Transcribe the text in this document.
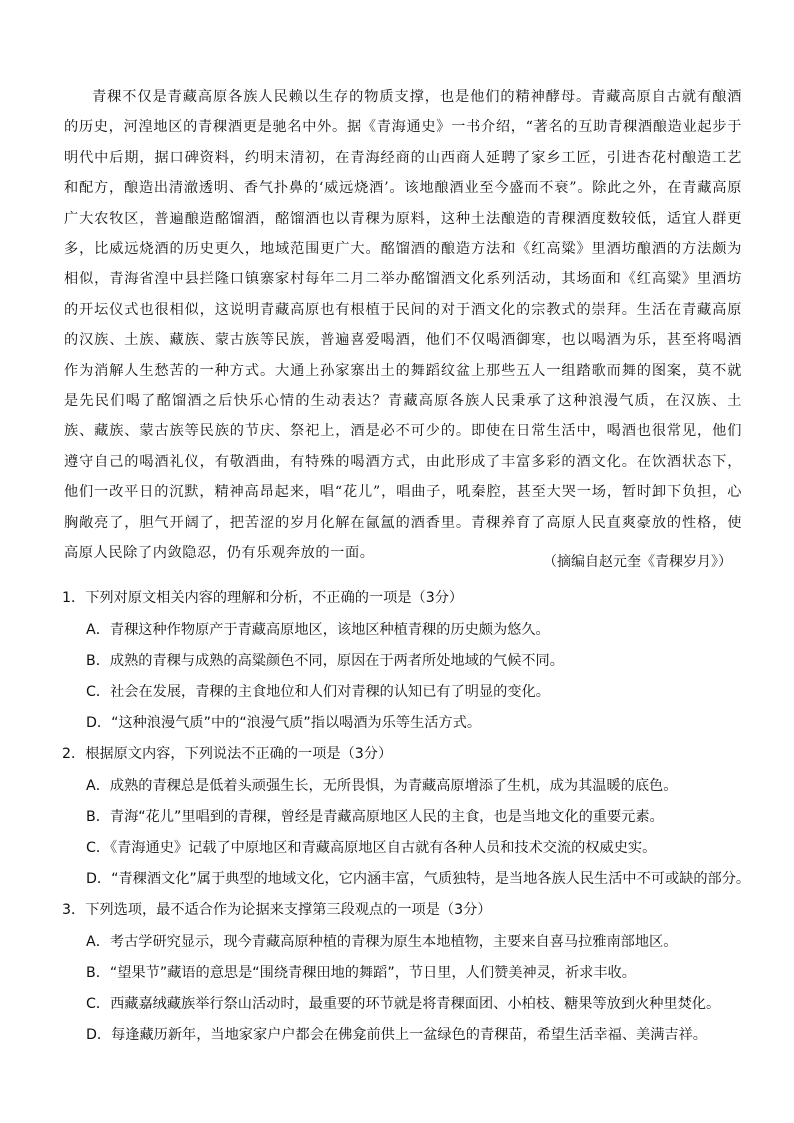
青稞不仅是青藏高原各族人民赖以生存的物质支撑，也是他们的精神酵母。青藏高原自古就有酿酒的历史，河湟地区的青稞酒更是驰名中外。据《青海通史》一书介绍，“著名的互助青稞酒酿造业起步于明代中后期，据口碑资料，约明末清初，在青海经商的山西商人延聘了家乡工匠，引进杏花村酿造工艺和配方，酿造出清澈透明、香气扑鼻的‘威远烧酒’。该地酿酒业至今盛而不衰”。除此之外，在青藏高原广大农牧区，普遍酿造酩馏酒，酩馏酒也以青稞为原料，这种土法酿造的青稞酒度数较低，适宜人群更多，比威远烧酒的历史更久，地域范围更广大。酩馏酒的酿造方法和《红高粱》里酒坊酿酒的方法颇为相似，青海省湟中县拦隆口镇寨家村每年二月二举办酩馏酒文化系列活动，其场面和《红高粱》里酒坊的开坛仪式也很相似，这说明青藏高原也有根植于民间的对于酒文化的宗教式的崇拜。生活在青藏高原的汉族、土族、藏族、蒙古族等民族，普遍喜爱喝酒，他们不仅喝酒御寒，也以喝酒为乐，甚至将喝酒作为消解人生愁苦的一种方式。大通上孙家寨出土的舞蹈纹盆上那些五人一组踏歌而舞的图案，莫不就是先民们喝了酩馏酒之后快乐心情的生动表达？青藏高原各族人民秉承了这种浪漫气质，在汉族、土族、藏族、蒙古族等民族的节庆、祭祀上，酒是必不可少的。即使在日常生活中，喝酒也很常见，他们遵守自己的喝酒礼仪，有敬酒曲，有特殊的喝酒方式，由此形成了丰富多彩的酒文化。在饮酒状态下，他们一改平日的沉默，精神高昂起来，唱“花儿”，唱曲子，吼秦腔，甚至大哭一场，暂时卸下负担，心胸敞亮了，胆气开阔了，把苦涩的岁月化解在氤氲的酒香里。青稞养育了高原人民直爽豪放的性格，使高原人民除了内敛隐忍，仍有乐观奔放的一面。
（摘编自赵元奎《青稞岁月》）
1．下列对原文相关内容的理解和分析，不正确的一项是（3分）
A．青稞这种作物原产于青藏高原地区，该地区种植青稞的历史颇为悠久。
B．成熟的青稞与成熟的高粱颜色不同，原因在于两者所处地域的气候不同。
C．社会在发展，青稞的主食地位和人们对青稞的认知已有了明显的变化。
D．“这种浪漫气质”中的“浪漫气质”指以喝酒为乐等生活方式。
2．根据原文内容，下列说法不正确的一项是（3分）
A．成熟的青稞总是低着头顽强生长，无所畏惧，为青藏高原增添了生机，成为其温暖的底色。
B．青海“花儿”里唱到的青稞，曾经是青藏高原地区人民的主食，也是当地文化的重要元素。
C．《青海通史》记载了中原地区和青藏高原地区自古就有各种人员和技术交流的权威史实。
D．“青稞酒文化”属于典型的地域文化，它内涵丰富，气质独特，是当地各族人民生活中不可或缺的部分。
3．下列选项，最不适合作为论据来支撑第三段观点的一项是（3分）
A．考古学研究显示，现今青藏高原种植的青稞为原生本地植物，主要来自喜马拉雅南部地区。
B．“望果节”藏语的意思是“围绕青稞田地的舞蹈”，节日里，人们赞美神灵，祈求丰收。
C．西藏嘉绒藏族举行祭山活动时，最重要的环节就是将青稞面团、小柏枝、糖果等放到火种里焚化。
D．每逢藏历新年，当地家家户户都会在佛龛前供上一盆绿色的青稞苗，希望生活幸福、美满吉祥。
